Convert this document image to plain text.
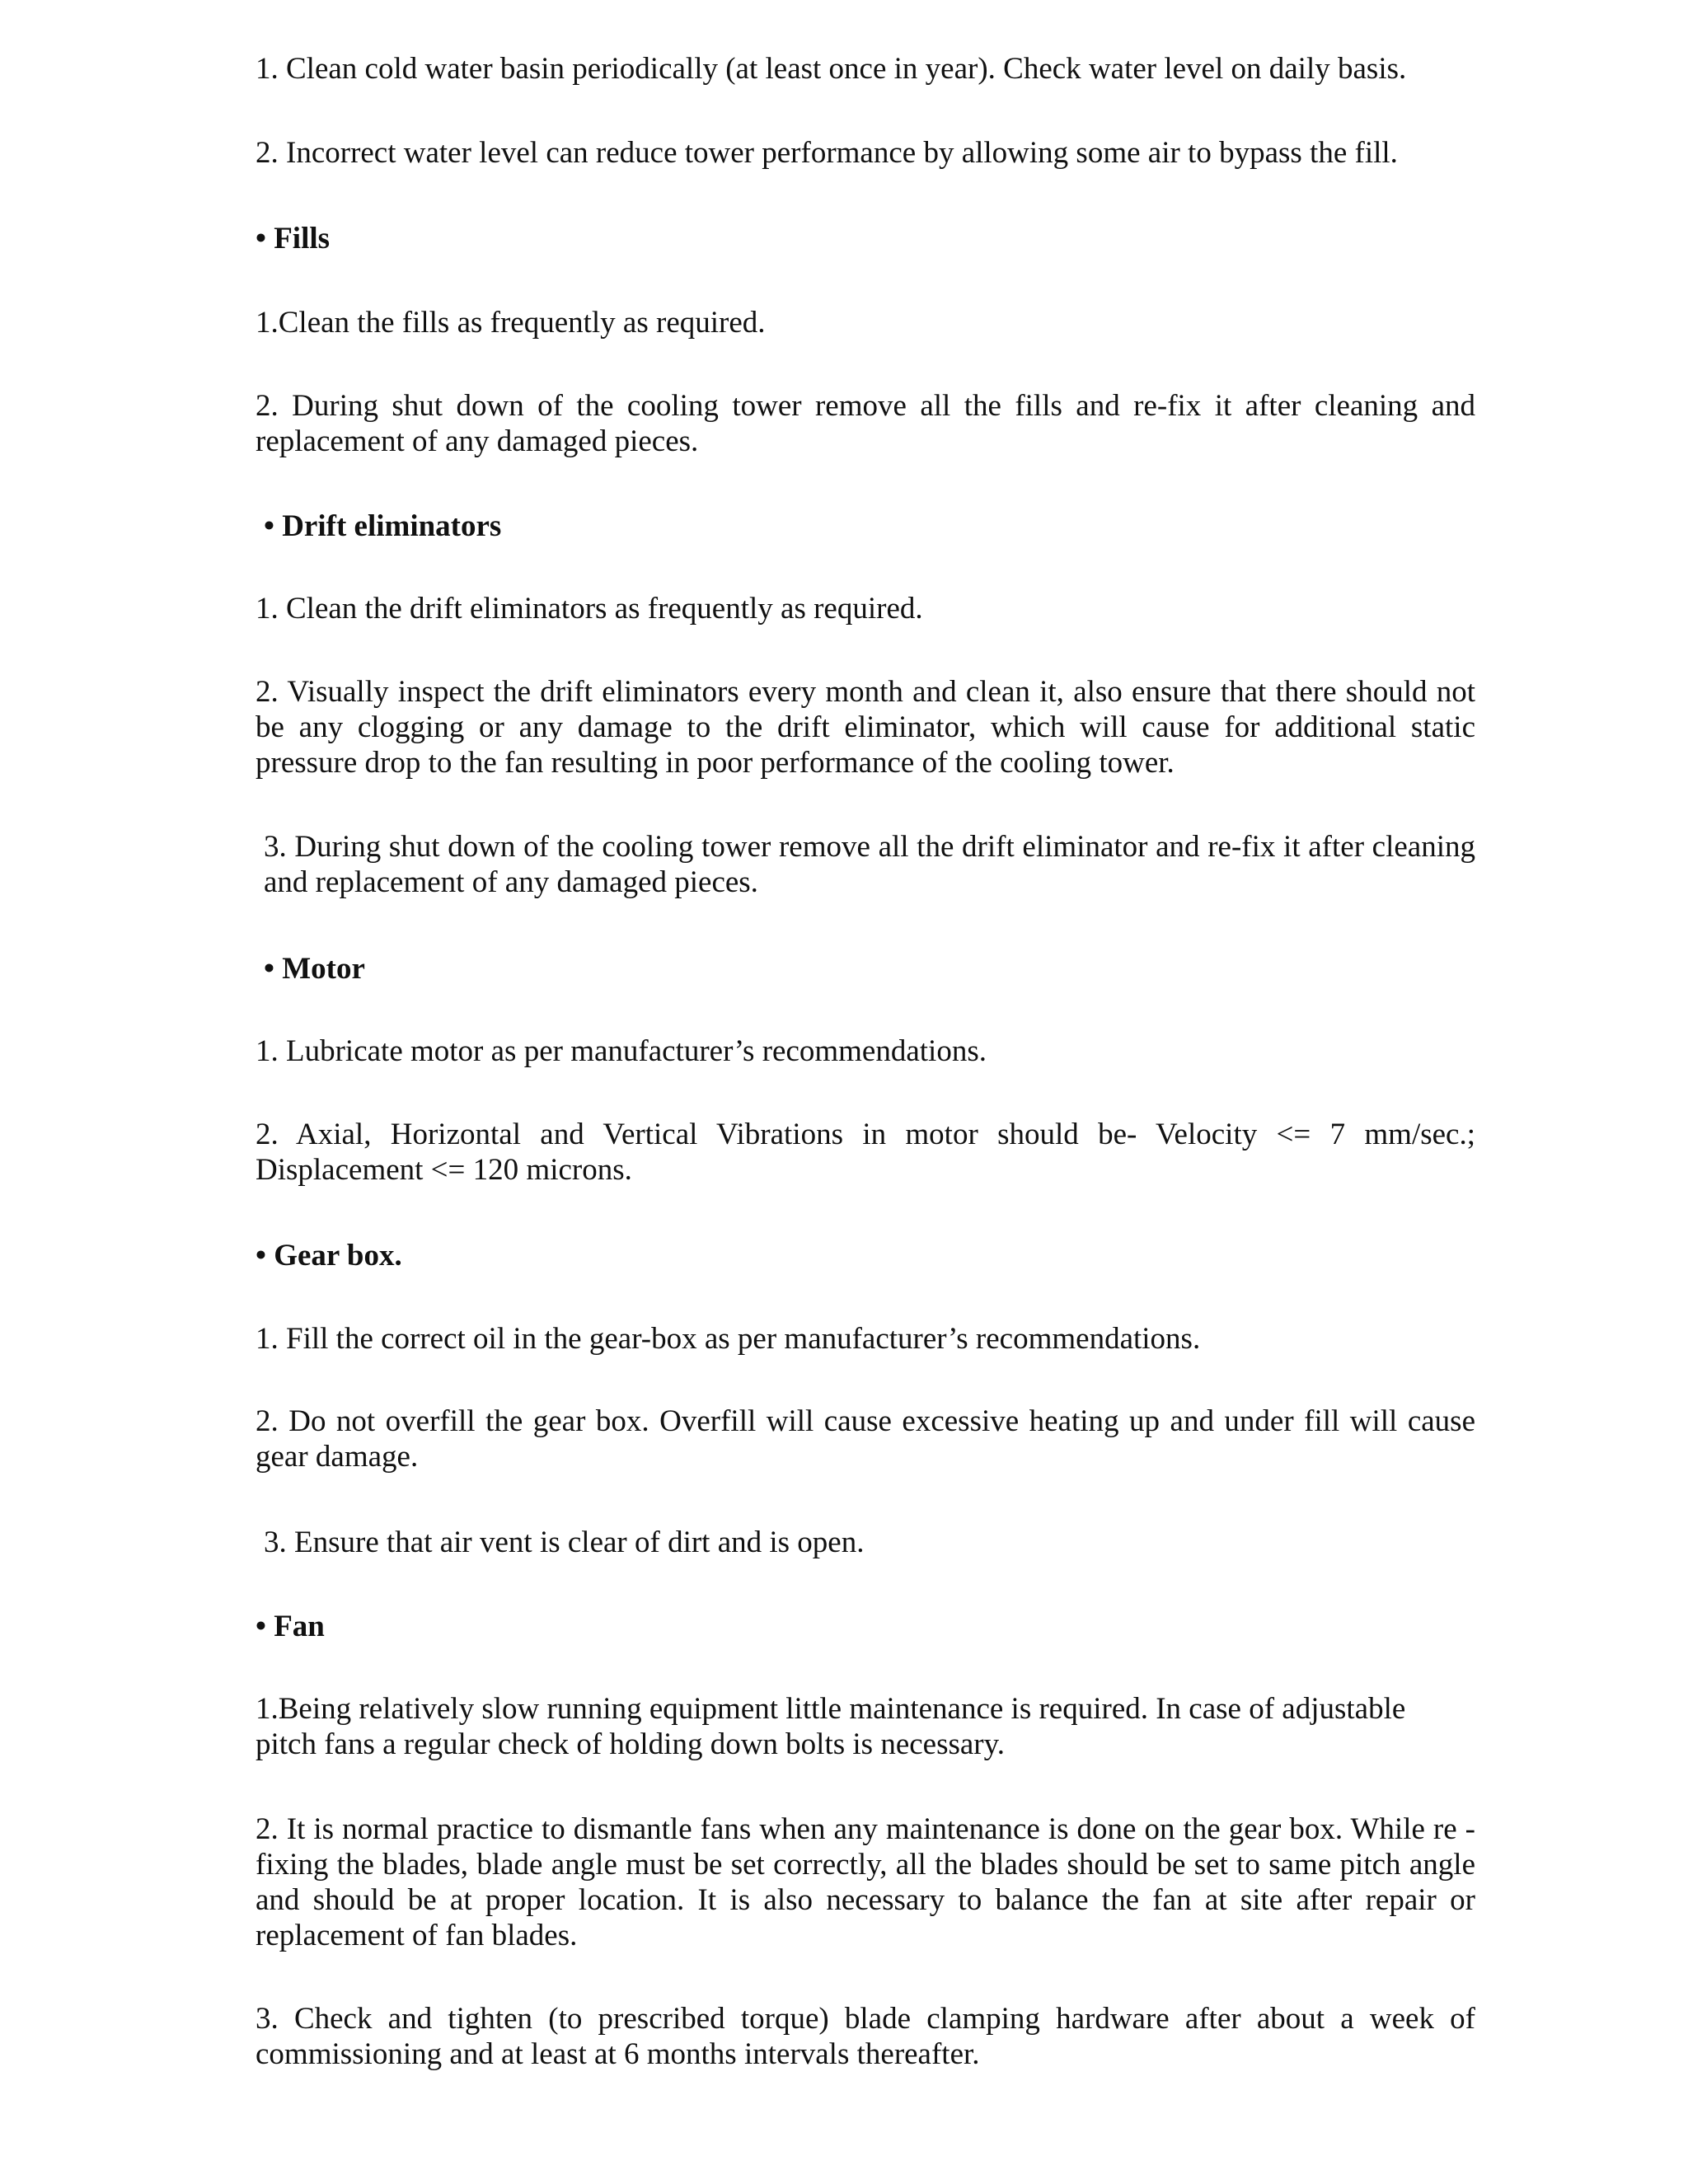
1. Clean cold water basin periodically (at least once in year). Check water level on daily basis.
2. Incorrect water level can reduce tower performance by allowing some air to bypass the fill.
• Fills
1.Clean the fills as frequently as required.
2. During shut down of the cooling tower remove all the fills and re-fix it after cleaning and replacement of any damaged pieces.
• Drift eliminators
1. Clean the drift eliminators as frequently as required.
2. Visually inspect the drift eliminators every month and clean it, also ensure that there should not be any clogging or any damage to the drift eliminator, which will cause for additional static pressure drop to the fan resulting in poor performance of the cooling tower.
3. During shut down of the cooling tower remove all the drift eliminator and re-fix it after cleaning and replacement of any damaged pieces.
• Motor
1. Lubricate motor as per manufacturer’s recommendations.
2. Axial, Horizontal and Vertical Vibrations in motor should be- Velocity <= 7 mm/sec.; Displacement <= 120 microns.
• Gear box.
1. Fill the correct oil in the gear-box as per manufacturer’s recommendations.
2. Do not overfill the gear box. Overfill will cause excessive heating up and under fill will cause gear damage.
3. Ensure that air vent is clear of dirt and is open.
• Fan
1.Being relatively slow running equipment little maintenance is required. In case of adjustable pitch fans a regular check of holding down bolts is necessary.
2. It is normal practice to dismantle fans when any maintenance is done on the gear box. While re - fixing the blades, blade angle must be set correctly, all the blades should be set to same pitch angle and should be at proper location. It is also necessary to balance the fan at site after repair or replacement of fan blades.
3. Check and tighten (to prescribed torque) blade clamping hardware after about a week of commissioning and at least at 6 months intervals thereafter.
